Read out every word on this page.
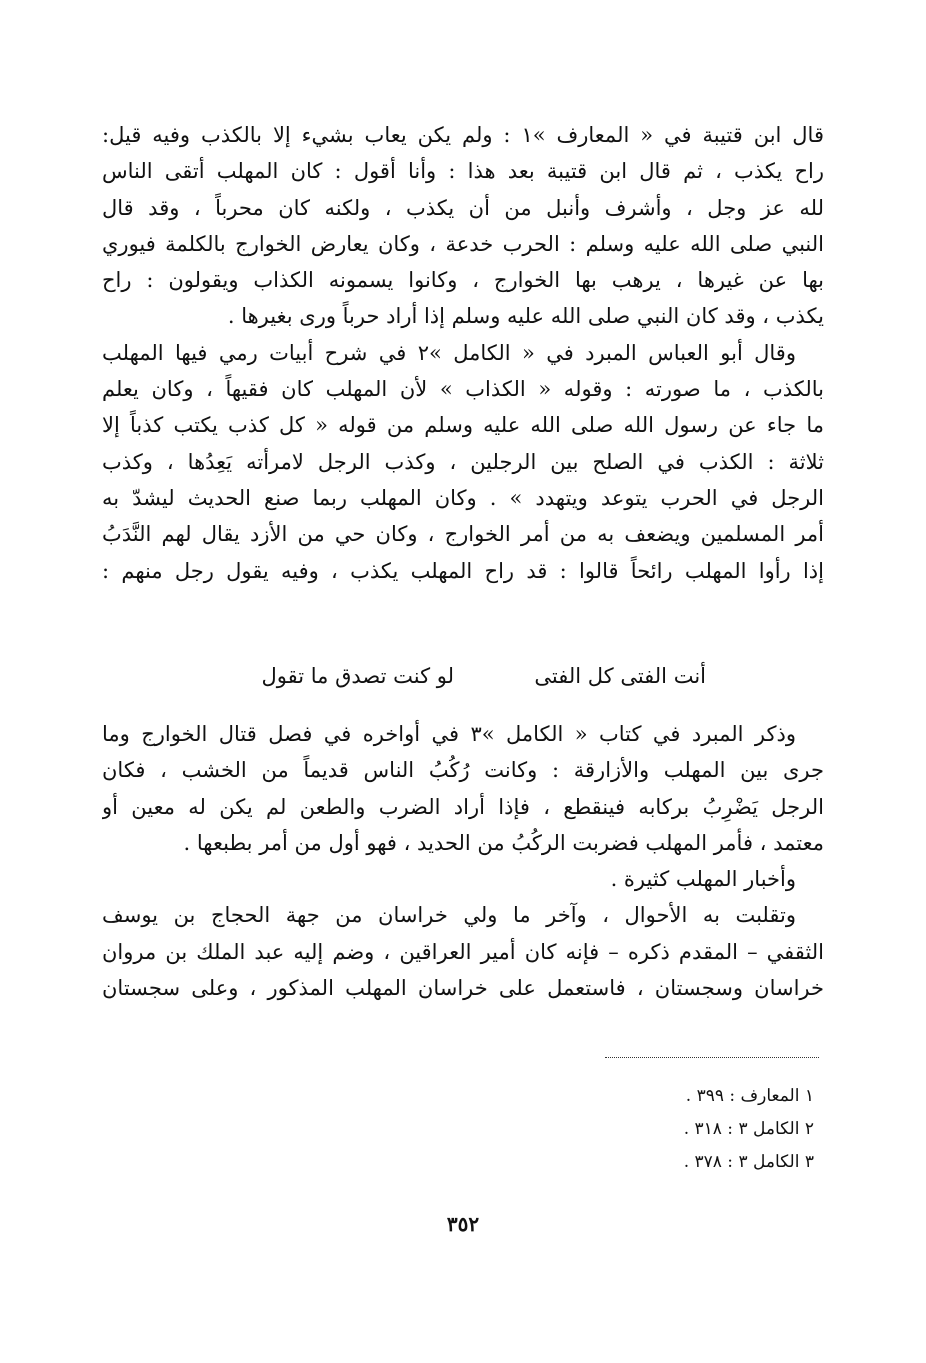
قال ابن قتيبة في « المعارف »١ : ولم يكن يعاب بشيء إلا بالكذب وفيه قيل:
راح يكذب ، ثم قال ابن قتيبة بعد هذا : وأنا أقول : كان المهلب أتقى الناس
لله عز وجل ، وأشرف وأنبل من أن يكذب ، ولكنه كان محرباً ، وقد قال
النبي صلى الله عليه وسلم : الحرب خدعة ، وكان يعارض الخوارج بالكلمة فيوري
بها عن غيرها ، يرهب بها الخوارج ، وكانوا يسمونه الكذاب ويقولون : راح
يكذب ، وقد كان النبي صلى الله عليه وسلم إذا أراد حرباً ورى بغيرها .
وقال أبو العباس المبرد في « الكامل »٢ في شرح أبيات رمي فيها المهلب
بالكذب ، ما صورته : وقوله « الكذاب » لأن المهلب كان فقيهاً ، وكان يعلم
ما جاء عن رسول الله صلى الله عليه وسلم من قوله « كل كذب يكتب كذباً إلا
ثلاثة : الكذب في الصلح بين الرجلين ، وكذب الرجل لامرأته يَعِدُها ، وكذب
الرجل في الحرب يتوعد ويتهدد » . وكان المهلب ربما صنع الحديث ليشدّ به
أمر المسلمين ويضعف به من أمر الخوارج ، وكان حي من الأزد يقال لهم النَّدَبُ
إذا رأوا المهلب رائحاً قالوا : قد راح المهلب يكذب ، وفيه يقول رجل منهم :
أنت الفتى كل الفتى
لو كنت تصدق ما تقول
وذكر المبرد في كتاب « الكامل »٣ في أواخره في فصل قتال الخوارج وما
جرى بين المهلب والأزارقة : وكانت رُكُبُ الناس قديماً من الخشب ، فكان
الرجل يَضْرِبُ بركابه فينقطع ، فإذا أراد الضرب والطعن لم يكن له معين أو
معتمد ، فأمر المهلب فضربت الركُبُ من الحديد ، فهو أول من أمر بطبعها .
وأخبار المهلب كثيرة .
وتقلبت به الأحوال ، وآخر ما ولي خراسان من جهة الحجاج بن يوسف
الثقفي – المقدم ذكره – فإنه كان أمير العراقين ، وضم إليه عبد الملك بن مروان
خراسان وسجستان ، فاستعمل على خراسان المهلب المذكور ، وعلى سجستان
١ المعارف : ٣٩٩ .
٢ الكامل ٣ : ٣١٨ .
٣ الكامل ٣ : ٣٧٨ .
٣٥٢
